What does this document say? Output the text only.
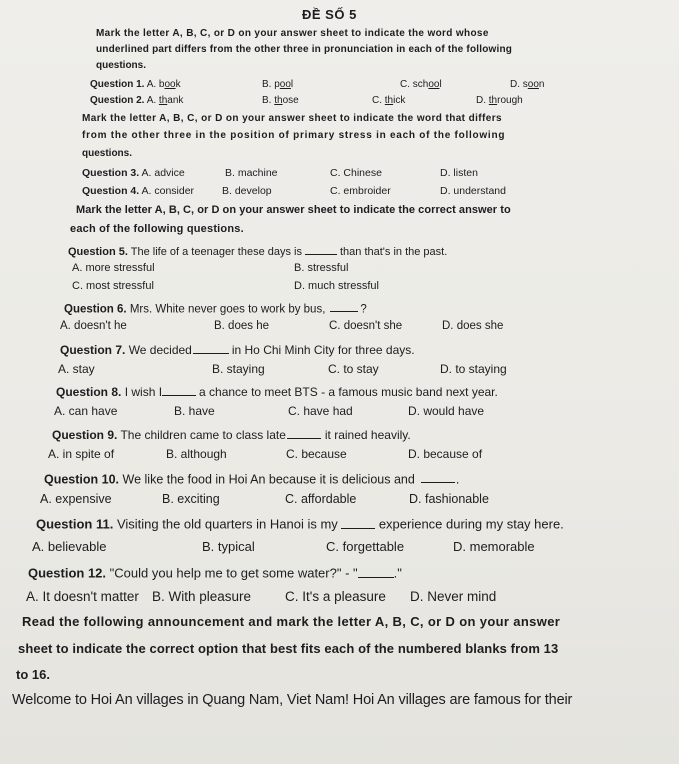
ĐỀ SỐ 5
Mark the letter A, B, C, or D on your answer sheet to indicate the word whose
underlined part differs from the other three in pronunciation in each of the following
questions.
Question 1. A. book	B. pool	C. school	D. soon
Question 2. A. thank	B. those	C. thick	D. through
Mark the letter A, B, C, or D on your answer sheet to indicate the word that differs
from the other three in the position of primary stress in each of the following
questions.
Question 3. A. advice	B. machine	C. Chinese	D. listen
Question 4. A. consider	B. develop	C. embroider	D. understand
Mark the letter A, B, C, or D on your answer sheet to indicate the correct answer to
each of the following questions.
Question 5. The life of a teenager these days is	than that's in the past.
A. more stressful	B. stressful
C. most stressful	D. much stressful
Question 6. Mrs. White never goes to work by bus,	?
A. doesn't he	B. does he	C. doesn't she	D. does she
Question 7. We decided	in Ho Chi Minh City for three days.
A. stay	B. staying	C. to stay	D. to staying
Question 8. I wish I	a chance to meet BTS - a famous music band next year.
A. can have	B. have	C. have had	D. would have
Question 9. The children came to class late	it rained heavily.
A. in spite of	B. although	C. because	D. because of
Question 10. We like the food in Hoi An because it is delicious and	.
A. expensive	B. exciting	C. affordable	D. fashionable
Question 11. Visiting the old quarters in Hanoi is my	experience during my stay here.
A. believable	B. typical	C. forgettable	D. memorable
Question 12. "Could you help me to get some water?" - "	."
A. It doesn't matter B. With pleasure	C. It's a pleasure D. Never mind
Read the following announcement and mark the letter A, B, C, or D on your answer
sheet to indicate the correct option that best fits each of the numbered blanks from 13
to 16.
Welcome to Hoi An villages in Quang Nam, Viet Nam! Hoi An villages are famous for their
